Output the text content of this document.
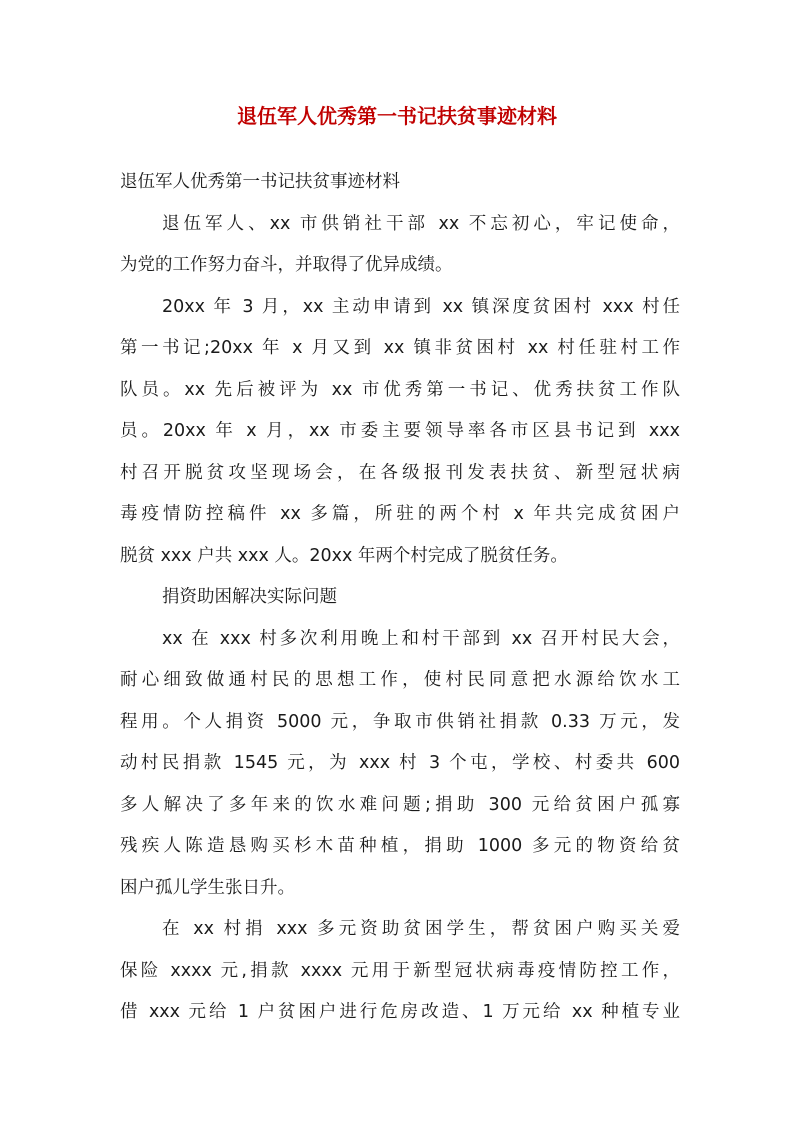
退伍军人优秀第一书记扶贫事迹材料
退伍军人优秀第一书记扶贫事迹材料
退伍军人、xx 市供销社干部 xx 不忘初心，牢记使命，
为党的工作努力奋斗，并取得了优异成绩。
20xx 年 3 月，xx 主动申请到 xx 镇深度贫困村 xxx 村任
第一书记;20xx 年 x 月又到 xx 镇非贫困村 xx 村任驻村工作
队员。xx 先后被评为 xx 市优秀第一书记、优秀扶贫工作队
员。20xx 年 x 月，xx 市委主要领导率各市区县书记到 xxx
村召开脱贫攻坚现场会，在各级报刊发表扶贫、新型冠状病
毒疫情防控稿件 xx 多篇，所驻的两个村 x 年共完成贫困户
脱贫 xxx 户共 xxx 人。20xx 年两个村完成了脱贫任务。
捐资助困解决实际问题
xx 在 xxx 村多次利用晚上和村干部到 xx 召开村民大会，
耐心细致做通村民的思想工作，使村民同意把水源给饮水工
程用。个人捐资 5000 元，争取市供销社捐款 0.33 万元，发
动村民捐款 1545 元，为 xxx 村 3 个屯，学校、村委共 600
多人解决了多年来的饮水难问题;捐助 300 元给贫困户孤寡
残疾人陈造恳购买杉木苗种植，捐助 1000 多元的物资给贫
困户孤儿学生张日升。
在 xx 村捐 xxx 多元资助贫困学生，帮贫困户购买关爱
保险 xxxx 元,捐款 xxxx 元用于新型冠状病毒疫情防控工作，
借 xxx 元给 1 户贫困户进行危房改造、1 万元给 xx 种植专业
